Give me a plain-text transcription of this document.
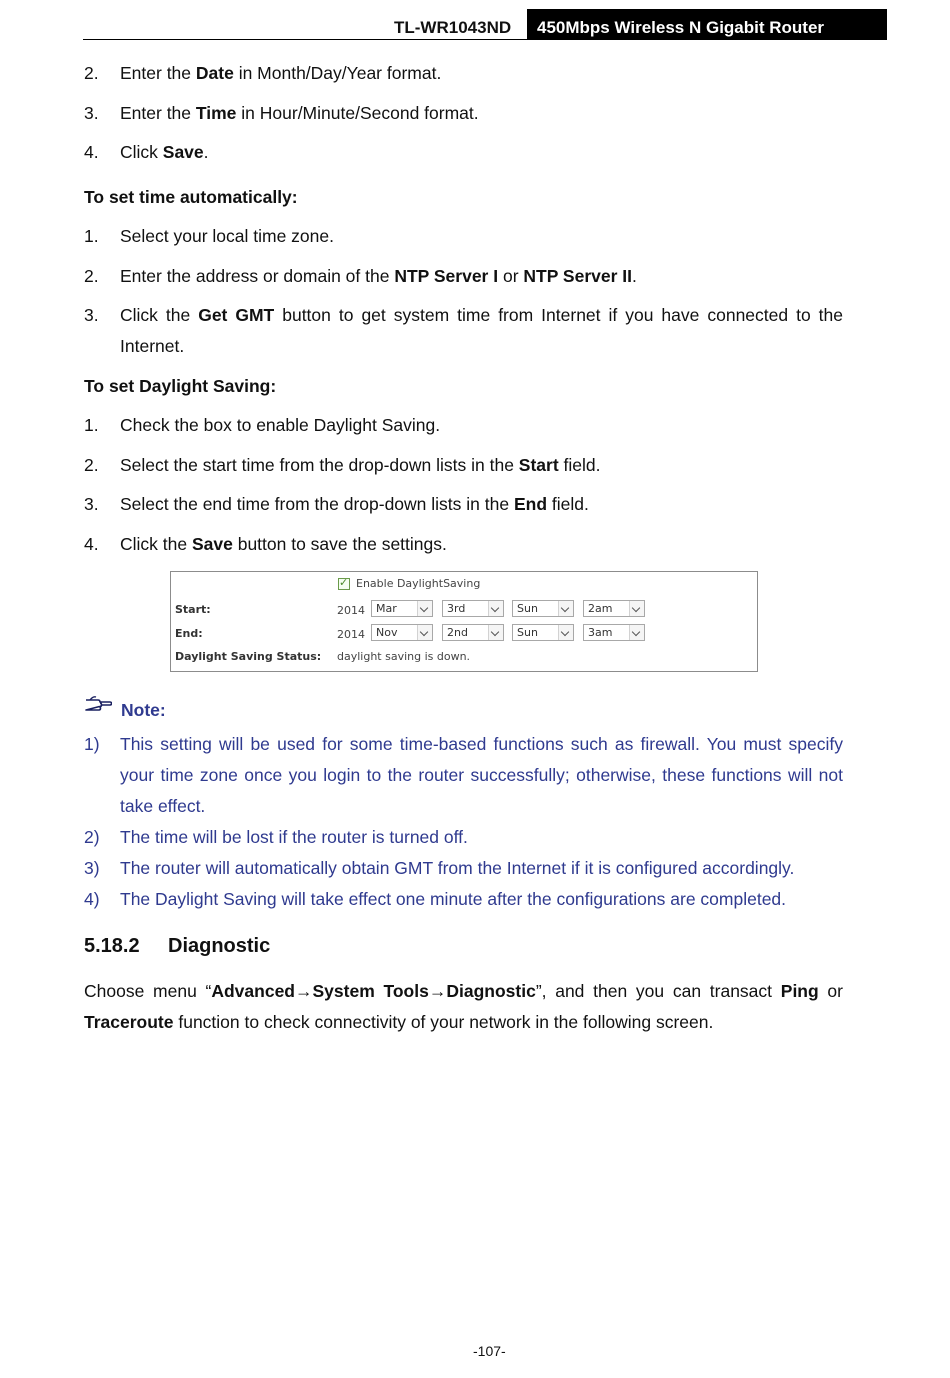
TL-WR1043ND	450Mbps Wireless N Gigabit Router
2. Enter the Date in Month/Day/Year format.
3. Enter the Time in Hour/Minute/Second format.
4. Click Save.
To set time automatically:
1. Select your local time zone.
2. Enter the address or domain of the NTP Server I or NTP Server II.
3. Click the Get GMT button to get system time from Internet if you have connected to the
Internet.
To set Daylight Saving:
1. Check the box to enable Daylight Saving.
2. Select the start time from the drop-down lists in the Start field.
3. Select the end time from the drop-down lists in the End field.
4. Click the Save button to save the settings.
✓
Enable DaylightSaving
Start:	2014	Mar	3rd	Sun	2am
End:	2014	Nov	2nd	Sun	3am
Daylight Saving Status: daylight saving is down.
Note:
1) This setting will be used for some time-based functions such as firewall. You must specify
your time zone once you login to the router successfully; otherwise, these functions will not
take effect.
2) The time will be lost if the router is turned off.
3) The router will automatically obtain GMT from the Internet if it is configured accordingly.
4) The Daylight Saving will take effect one minute after the configurations are completed.
5.18.2 Diagnostic
Choose menu “Advanced→System Tools→Diagnostic”, and then you can transact Ping or
Traceroute function to check connectivity of your network in the following screen.
-107-
